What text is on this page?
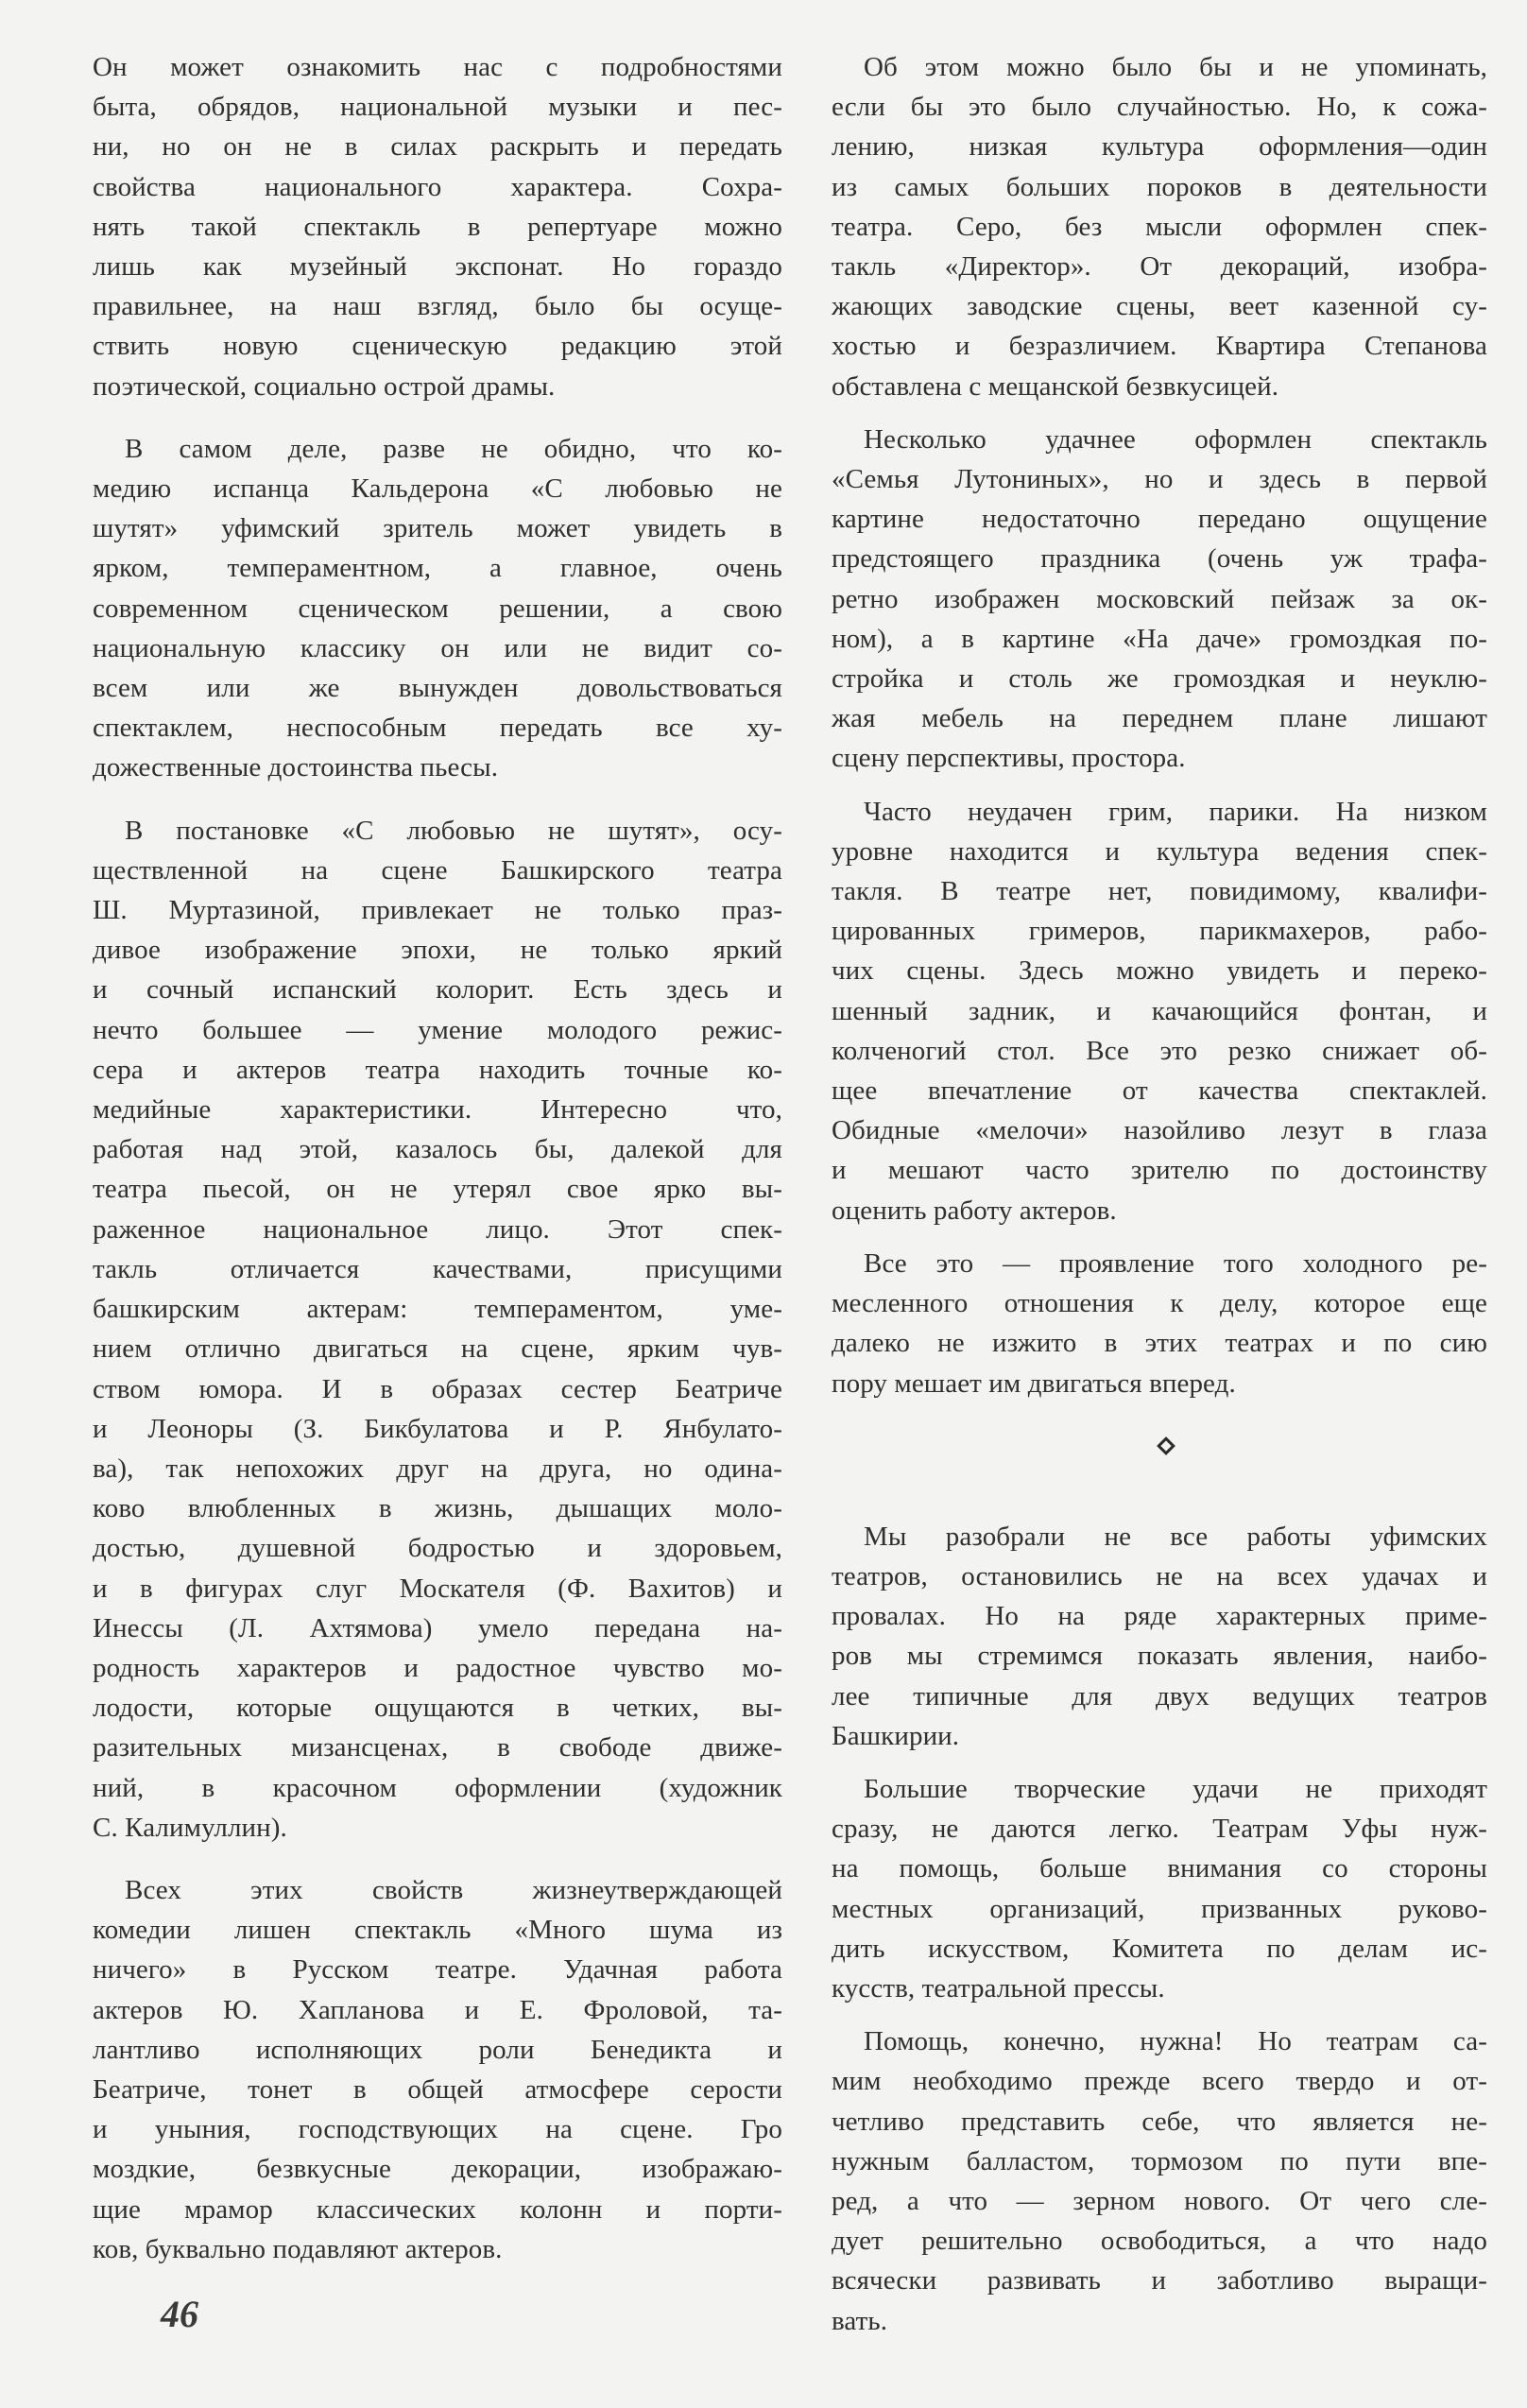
Он может ознакомить нас с подробностями
быта, обрядов, национальной музыки и пес-
ни, но он не в силах раскрыть и передать
свойства национального характера. Сохра-
нять такой спектакль в репертуаре можно
лишь как музейный экспонат. Но гораздо
правильнее, на наш взгляд, было бы осуще-
ствить новую сценическую редакцию этой
поэтической, социально острой драмы.

В самом деле, разве не обидно, что ко-
медию испанца Кальдерона «С любовью не
шутят» уфимский зритель может увидеть в
ярком, темпераментном, а главное, очень
современном сценическом решении, а свою
национальную классику он или не видит со-
всем или же вынужден довольствоваться
спектаклем, неспособным передать все ху-
дожественные достоинства пьесы.

В постановке «С любовью не шутят», осу-
ществленной на сцене Башкирского театра
Ш. Муртазиной, привлекает не только праз-
дивое изображение эпохи, не только яркий
и сочный испанский колорит. Есть здесь и
нечто большее — умение молодого режис-
сера и актеров театра находить точные ко-
медийные характеристики. Интересно что,
работая над этой, казалось бы, далекой для
театра пьесой, он не утерял свое ярко вы-
раженное национальное лицо. Этот спек-
такль отличается качествами, присущими
башкирским актерам: темпераментом, уме-
нием отлично двигаться на сцене, ярким чув-
ством юмора. И в образах сестер Беатриче
и Леоноры (З. Бикбулатова и Р. Янбулато-
ва), так непохожих друг на друга, но одина-
ково влюбленных в жизнь, дышащих моло-
достью, душевной бодростью и здоровьем,
и в фигурах слуг Москателя (Ф. Вахитов) и
Инессы (Л. Ахтямова) умело передана на-
родность характеров и радостное чувство мо-
лодости, которые ощущаются в четких, вы-
разительных мизансценах, в свободе движе-
ний, в красочном оформлении (художник
С. Калимуллин).

Всех этих свойств жизнеутверждающей
комедии лишен спектакль «Много шума из
ничего» в Русском театре. Удачная работа
актеров Ю. Хапланова и Е. Фроловой, та-
лантливо исполняющих роли Бенедикта и
Беатриче, тонет в общей атмосфере серости
и уныния, господствующих на сцене. Гро
моздкие, безвкусные декорации, изображаю-
щие мрамор классических колонн и порти-
ков, буквально подавляют актеров.

Об этом можно было бы и не упоминать,
если бы это было случайностью. Но, к сожа-
лению, низкая культура оформления—один
из самых больших пороков в деятельности
театра. Серо, без мысли оформлен спек-
такль «Директор». От декораций, изобра-
жающих заводские сцены, веет казенной су-
хостью и безразличием. Квартира Степанова
обставлена с мещанской безвкусицей.

Несколько удачнее оформлен спектакль
«Семья Лутониных», но и здесь в первой
картине недостаточно передано ощущение
предстоящего праздника (очень уж трафа-
ретно изображен московский пейзаж за ок-
ном), а в картине «На даче» громоздкая по-
стройка и столь же громоздкая и неуклю-
жая мебель на переднем плане лишают
сцену перспективы, простора.

Часто неудачен грим, парики. На низком
уровне находится и культура ведения спек-
такля. В театре нет, повидимому, квалифи-
цированных гримеров, парикмахеров, рабо-
чих сцены. Здесь можно увидеть и переко-
шенный задник, и качающийся фонтан, и
колченогий стол. Все это резко снижает об-
щее впечатление от качества спектаклей.
Обидные «мелочи» назойливо лезут в глаза
и мешают часто зрителю по достоинству
оценить работу актеров.

Все это — проявление того холодного ре-
месленного отношения к делу, которое еще
далеко не изжито в этих театрах и по сию
пору мешает им двигаться вперед.

Мы разобрали не все работы уфимских
театров, остановились не на всех удачах и
провалах. Но на ряде характерных приме-
ров мы стремимся показать явления, наибо-
лее типичные для двух ведущих театров
Башкирии.

Большие творческие удачи не приходят
сразу, не даются легко. Театрам Уфы нуж-
на помощь, больше внимания со стороны
местных организаций, призванных руково-
дить искусством, Комитета по делам ис-
кусств, театральной прессы.

Помощь, конечно, нужна! Но театрам са-
мим необходимо прежде всего твердо и от-
четливо представить себе, что является не-
нужным балластом, тормозом по пути впе-
ред, а что — зерном нового. От чего сле-
дует решительно освободиться, а что надо
всячески развивать и заботливо выращи-
вать.

46
